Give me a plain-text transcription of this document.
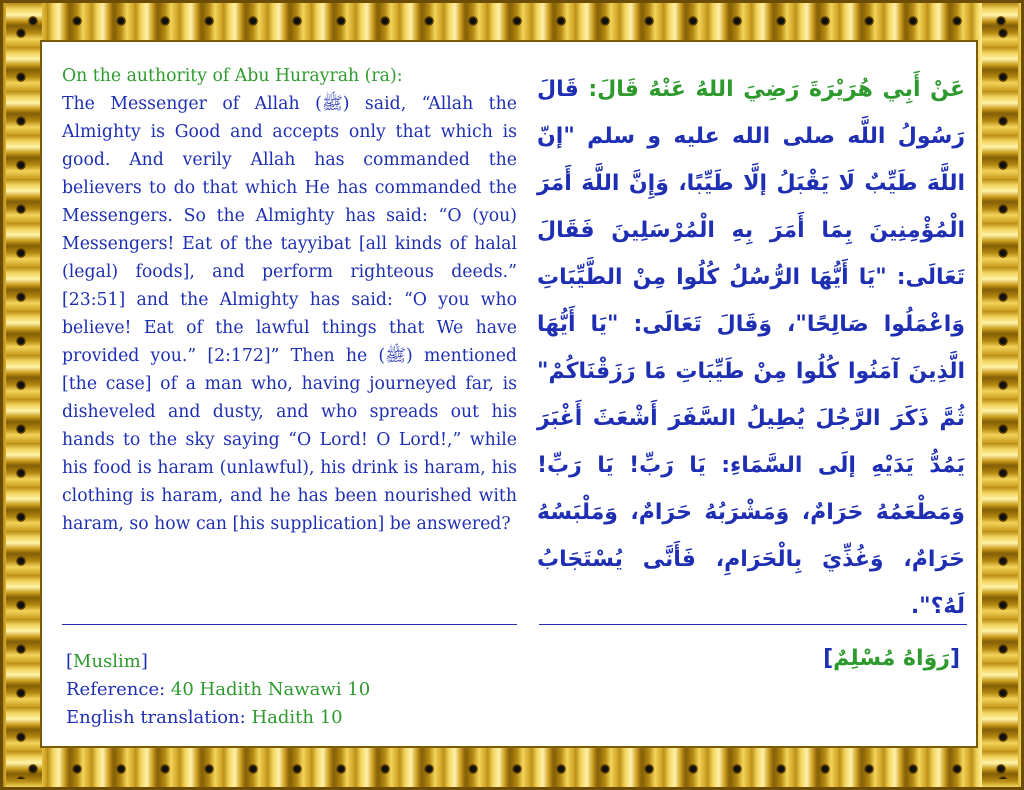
On the authority of Abu Hurayrah (ra):
The Messenger of Allah (ﷺ) said, “Allah the Almighty is Good and accepts only that which is good. And verily Allah has commanded the believers to do that which He has commanded the Messengers. So the Almighty has said: “O (you) Messengers! Eat of the tayyibat [all kinds of halal (legal) foods], and perform righteous deeds.” [23:51] and the Almighty has said: “O you who believe! Eat of the lawful things that We have provided you.” [2:172]” Then he (ﷺ) mentioned [the case] of a man who, having journeyed far, is disheveled and dusty, and who spreads out his hands to the sky saying “O Lord! O Lord!,” while his food is haram (unlawful), his drink is haram, his clothing is haram, and he has been nourished with haram, so how can [his supplication] be answered?
عَنْ أَبِي هُرَيْرَةَ رَضِيَ اللهُ عَنْهُ قَالَ: قَالَ رَسُولُ اللَّه صلى الله عليه و سلم "إنّ اللَّهَ طَيِّبٌ لَا يَقْبَلُ إلَّا طَيِّبًا، وَإِنَّ اللَّهَ أَمَرَ الْمُؤْمِنِينَ بِمَا أَمَرَ بِهِ الْمُرْسَلِينَ فَقَالَ تَعَالَى: "يَا أَيُّهَا الرُّسُلُ كُلُوا مِنْ الطَّيِّبَاتِ وَاعْمَلُوا صَالِحًا"، وَقَالَ تَعَالَى: "يَا أَيُّهَا الَّذِينَ آمَنُوا كُلُوا مِنْ طَيِّبَاتِ مَا رَزَقْنَاكُمْ" ثُمَّ ذَكَرَ الرَّجُلَ يُطِيلُ السَّفَرَ أَشْعَثَ أَغْبَرَ يَمُدُّ يَدَيْهِ إلَى السَّمَاءِ: يَا رَبِّ! يَا رَبِّ! وَمَطْعَمُهُ حَرَامٌ، وَمَشْرَبُهُ حَرَامٌ، وَمَلْبَسُهُ حَرَامٌ، وَغُذِّيَ بِالْحَرَامِ، فَأَنَّى يُسْتَجَابُ لَهُ؟".
[Muslim]
Reference: 40 Hadith Nawawi 10
English translation: Hadith 10
[رَوَاهُ مُسْلِمٌ]
